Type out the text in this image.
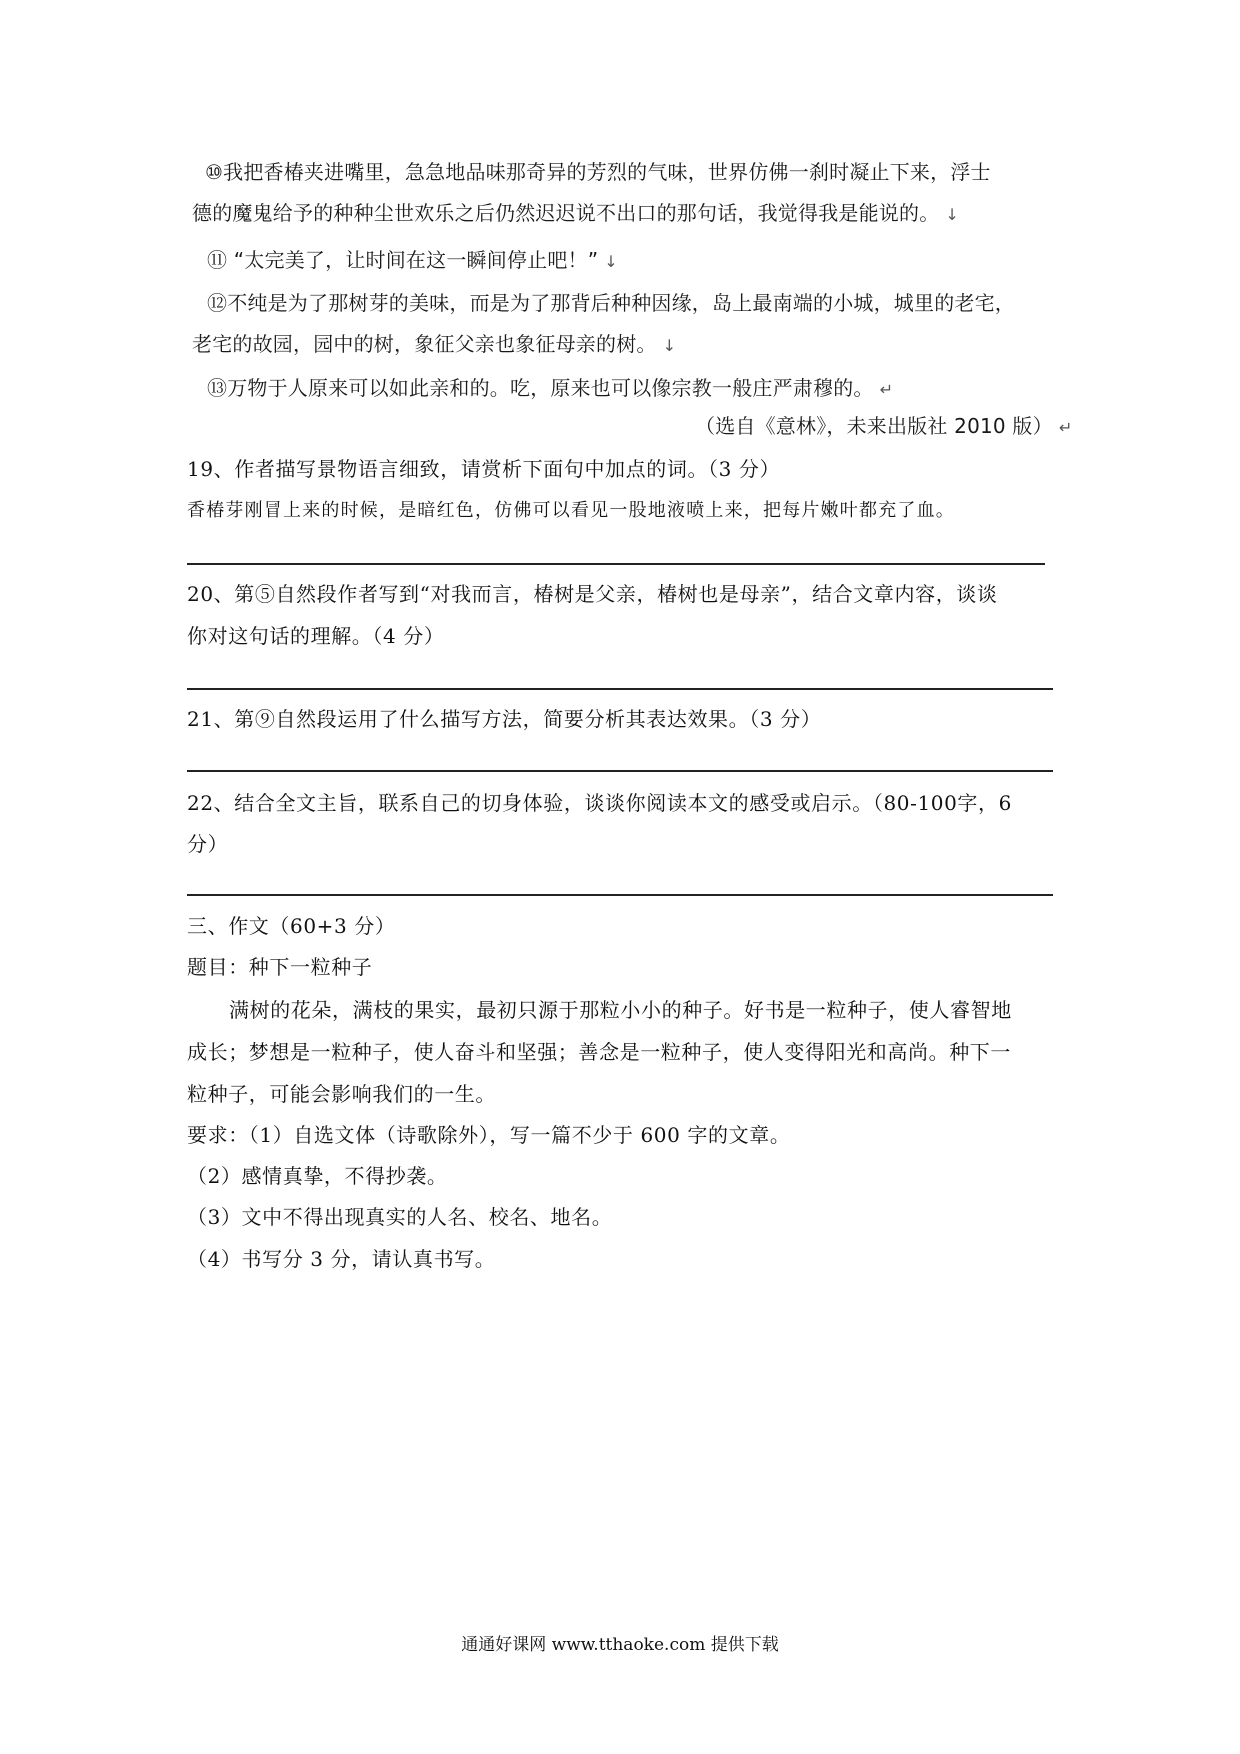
⑩我把香椿夹进嘴里，急急地品味那奇异的芳烈的气味，世界仿佛一刹时凝止下来，浮士
德的魔鬼给予的种种尘世欢乐之后仍然迟迟说不出口的那句话，我觉得我是能说的。 ↓
⑪ “太完美了，让时间在这一瞬间停止吧！” ↓
⑫不纯是为了那树芽的美味，而是为了那背后种种因缘，岛上最南端的小城，城里的老宅，
老宅的故园，园中的树，象征父亲也象征母亲的树。 ↓
⑬万物于人原来可以如此亲和的。吃，原来也可以像宗教一般庄严肃穆的。 ↵
（选自《意林》，未来出版社 2010 版） ↵
19、作者描写景物语言细致，请赏析下面句中加点的词。（3 分）
香椿芽刚冒上来的时候，是暗红色，仿佛可以看见一股地液喷上来，把每片嫩叶都充了血。
20、第⑤自然段作者写到“对我而言，椿树是父亲，椿树也是母亲”，结合文章内容，谈谈
你对这句话的理解。（4 分）
21、第⑨自然段运用了什么描写方法，简要分析其表达效果。（3 分）
22、结合全文主旨，联系自己的切身体验，谈谈你阅读本文的感受或启示。（80-100字，6
分）
三、作文（60+3 分）
题目：种下一粒种子
满树的花朵，满枝的果实，最初只源于那粒小小的种子。好书是一粒种子，使人睿智地
成长；梦想是一粒种子，使人奋斗和坚强；善念是一粒种子，使人变得阳光和高尚。种下一
粒种子，可能会影响我们的一生。
要求：（1）自选文体（诗歌除外），写一篇不少于 600 字的文章。
（2）感情真挚，不得抄袭。
（3）文中不得出现真实的人名、校名、地名。
（4）书写分 3 分，请认真书写。
通通好课网 www.tthaoke.com 提供下载
